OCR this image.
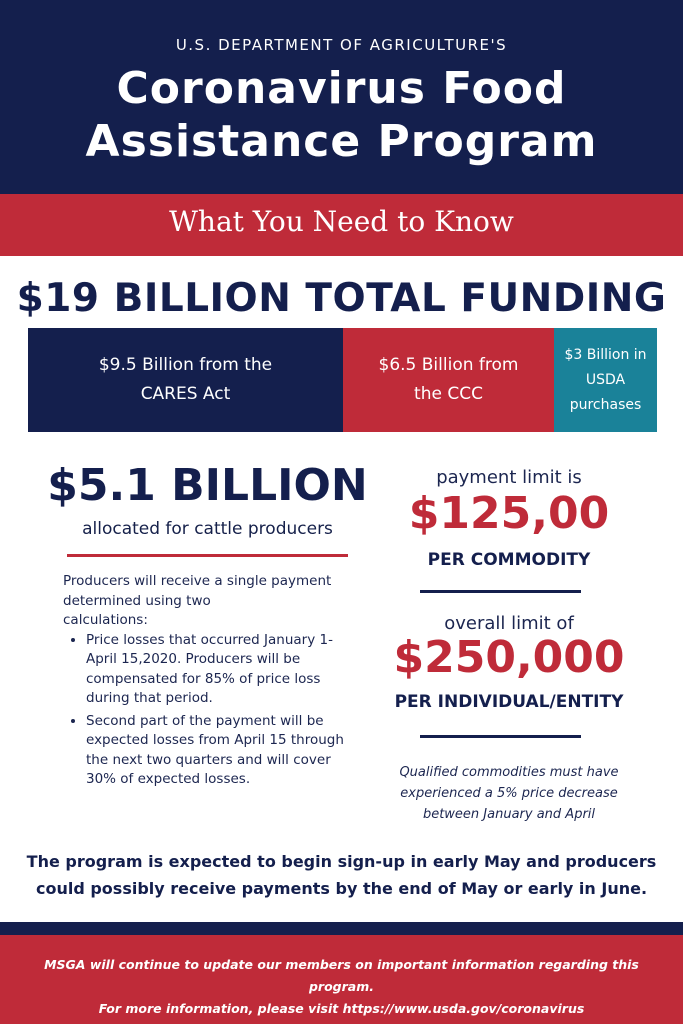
U.S. DEPARTMENT OF AGRICULTURE'S
Coronavirus Food
Assistance Program
What You Need to Know
$19 BILLION TOTAL FUNDING
$9.5 Billion from the
CARES Act
$6.5 Billion from
the CCC
$3 Billion in
USDA
purchases
$5.1 BILLION
allocated for cattle producers

Producers will receive a single payment

determined using two

calculations:

• Price losses that occurred January 1-April 15,2020. Producers will be compensated for 85% of price loss during that period.
• Second part of the payment will be expected losses from April 15 through the next two quarters and will cover 30% of expected losses.
payment limit is
$125,00
PER COMMODITY
overall limit of
$250,000
PER INDIVIDUAL/ENTITY
Qualified commodities must have
experienced a 5% price decrease
between January and April
The program is expected to begin sign-up in early May and producers
could possibly receive payments by the end of May or early in June.
MSGA will continue to update our members on important information regarding this program.
For more information, please visit https://www.usda.gov/coronavirus
